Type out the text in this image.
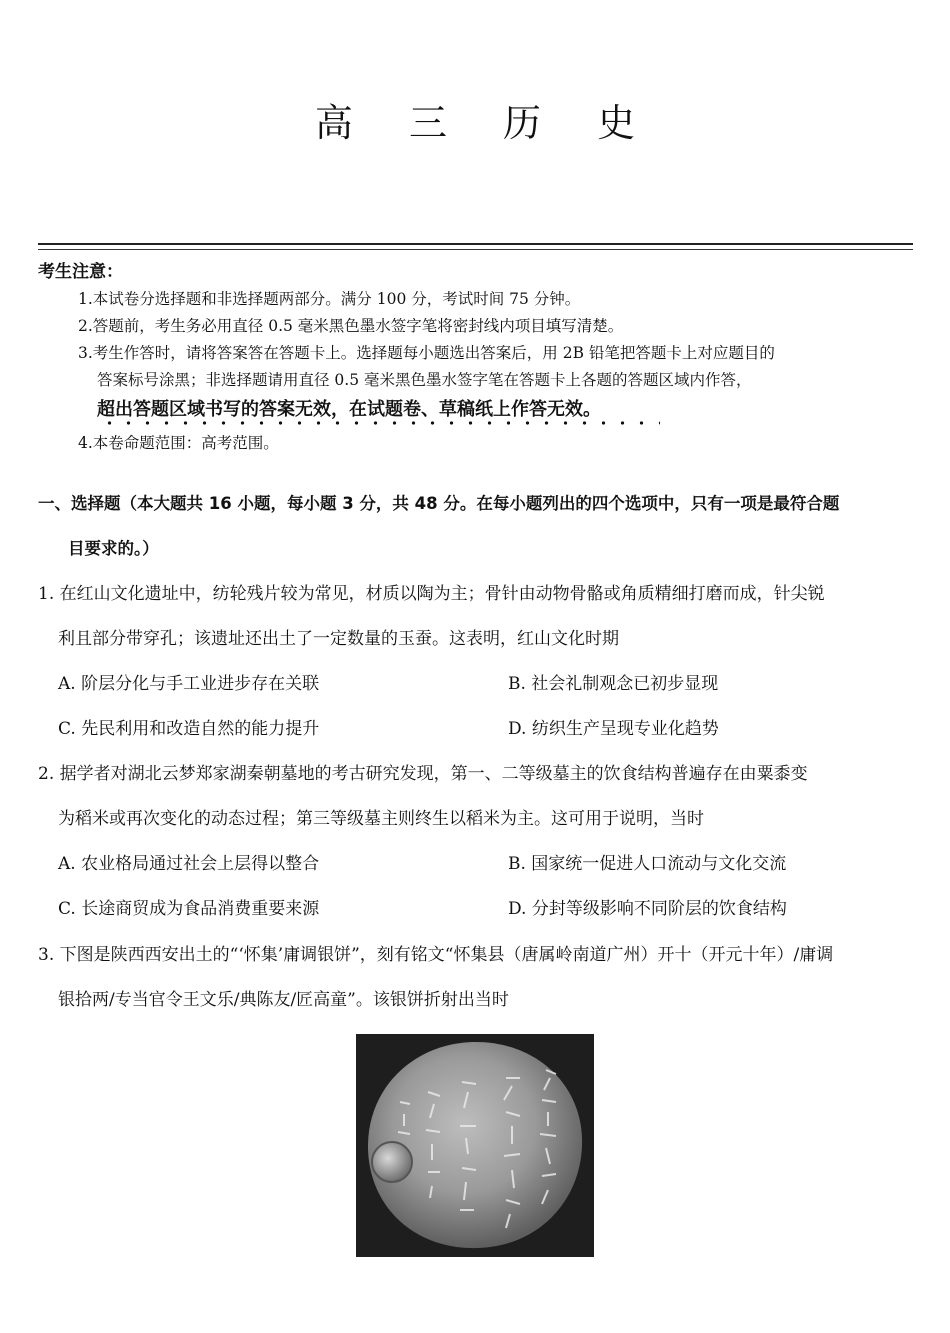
高 三 历 史
考生注意：
1.本试卷分选择题和非选择题两部分。满分 100 分，考试时间 75 分钟。
2.答题前，考生务必用直径 0.5 毫米黑色墨水签字笔将密封线内项目填写清楚。
3.考生作答时，请将答案答在答题卡上。选择题每小题选出答案后，用 2B 铅笔把答题卡上对应题目的
答案标号涂黑；非选择题请用直径 0.5 毫米黑色墨水签字笔在答题卡上各题的答题区域内作答，
超出答题区域书写的答案无效，在试题卷、草稿纸上作答无效。
4.本卷命题范围：高考范围。
一、选择题（本大题共 16 小题，每小题 3 分，共 48 分。在每小题列出的四个选项中，只有一项是最符合题
目要求的。）
1. 在红山文化遗址中，纺轮残片较为常见，材质以陶为主；骨针由动物骨骼或角质精细打磨而成，针尖锐
利且部分带穿孔；该遗址还出土了一定数量的玉蚕。这表明，红山文化时期
A. 阶层分化与手工业进步存在关联	B. 社会礼制观念已初步显现
C. 先民利用和改造自然的能力提升	D. 纺织生产呈现专业化趋势
2. 据学者对湖北云梦郑家湖秦朝墓地的考古研究发现，第一、二等级墓主的饮食结构普遍存在由粟黍变
为稻米或再次变化的动态过程；第三等级墓主则终生以稻米为主。这可用于说明，当时
A. 农业格局通过社会上层得以整合	B. 国家统一促进人口流动与文化交流
C. 长途商贸成为食品消费重要来源	D. 分封等级影响不同阶层的饮食结构
3. 下图是陕西西安出土的“‘怀集’庸调银饼”，刻有铭文“怀集县（唐属岭南道广州）开十（开元十年）/庸调
银拾两/专当官令王文乐/典陈友/匠高童”。该银饼折射出当时
